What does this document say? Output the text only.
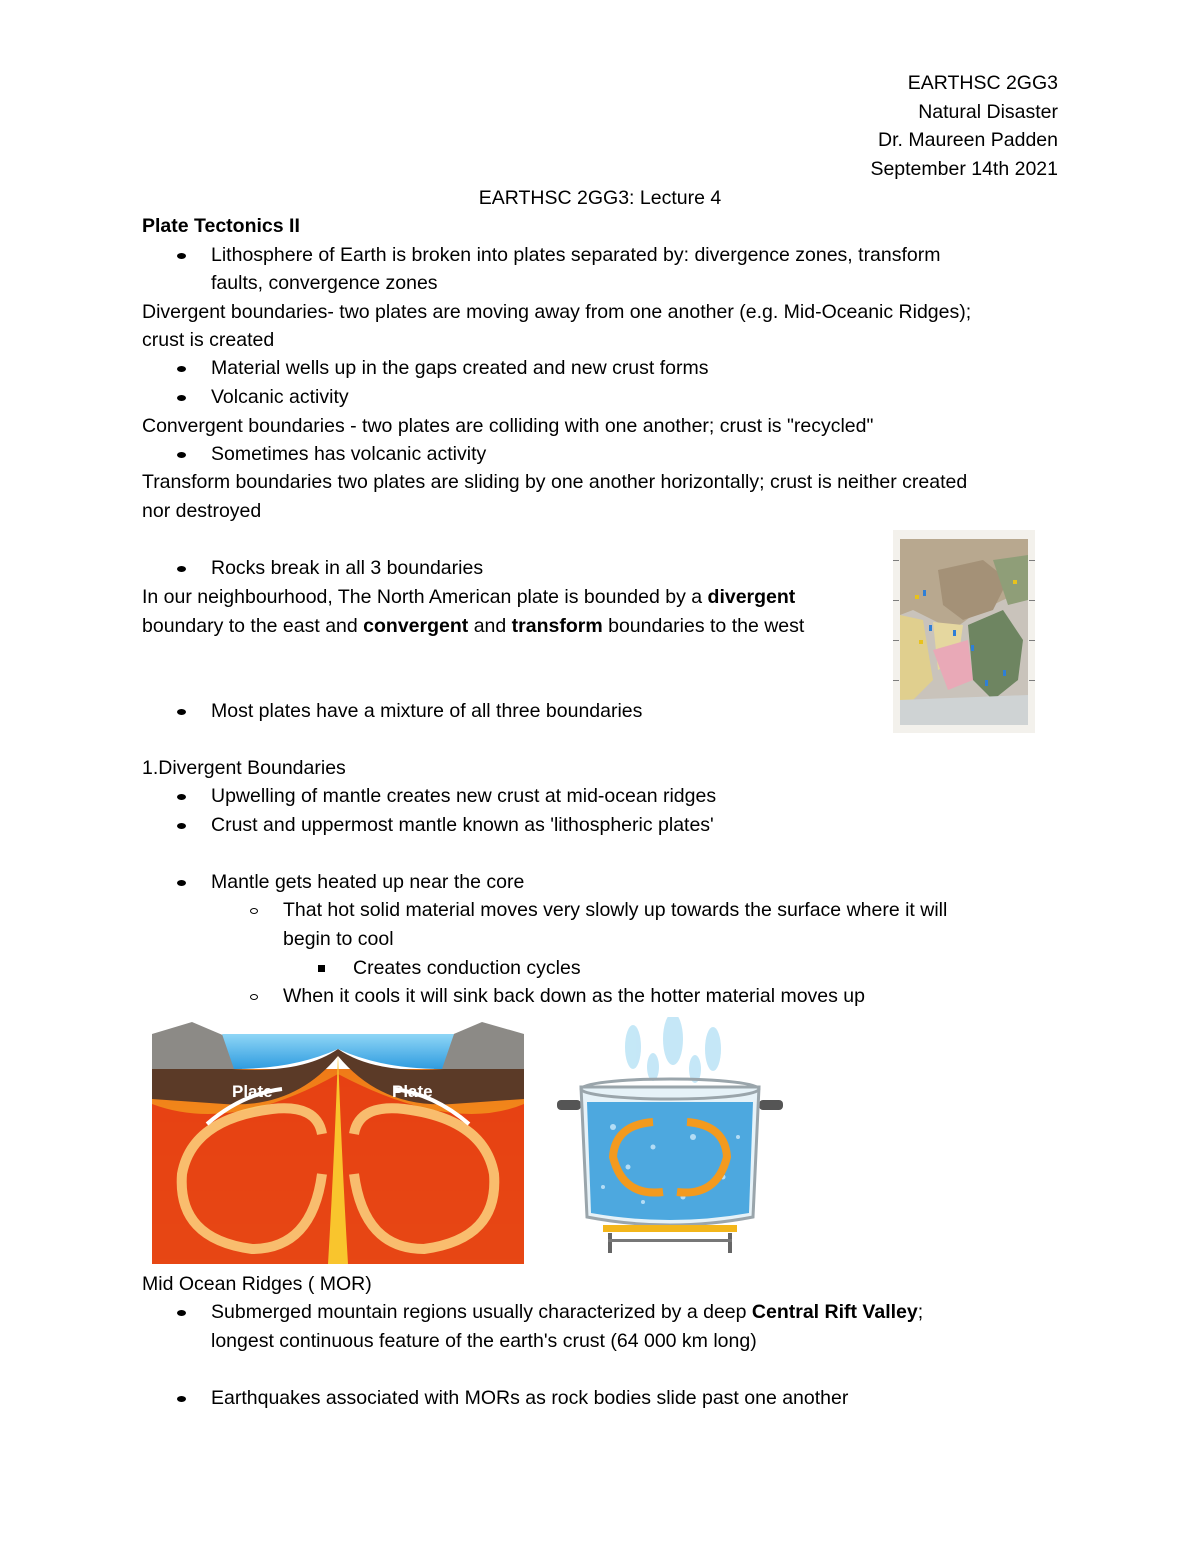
EARTHSC 2GG3
Natural Disaster
Dr. Maureen Padden
September 14th 2021
EARTHSC 2GG3: Lecture 4
Plate Tectonics II
Lithosphere of Earth is broken into plates separated by: divergence zones, transform
faults, convergence zones
Divergent boundaries- two plates are moving away from one another (e.g. Mid-Oceanic Ridges);
crust is created
Material wells up in the gaps created and new crust forms
Volcanic activity
Convergent boundaries - two plates are colliding with one another; crust is "recycled"
Sometimes has volcanic activity
Transform boundaries two plates are sliding by one another horizontally; crust is neither created
nor destroyed
Rocks break in all 3 boundaries
In our neighbourhood, The North American plate is bounded by a divergent
boundary to the east and convergent and transform boundaries to the west
Most plates have a mixture of all three boundaries
1.Divergent Boundaries
Upwelling of mantle creates new crust at mid-ocean ridges
Crust and uppermost mantle known as 'lithospheric plates'
Mantle gets heated up near the core
That hot solid material moves very slowly up towards the surface where it will
begin to cool
Creates conduction cycles
When it cools it will sink back down as the hotter material moves up
Plate	Plate
Mid Ocean Ridges ( MOR)
Submerged mountain regions usually characterized by a deep Central Rift Valley;
longest continuous feature of the earth's crust (64 000 km long)
Earthquakes associated with MORs as rock bodies slide past one another
